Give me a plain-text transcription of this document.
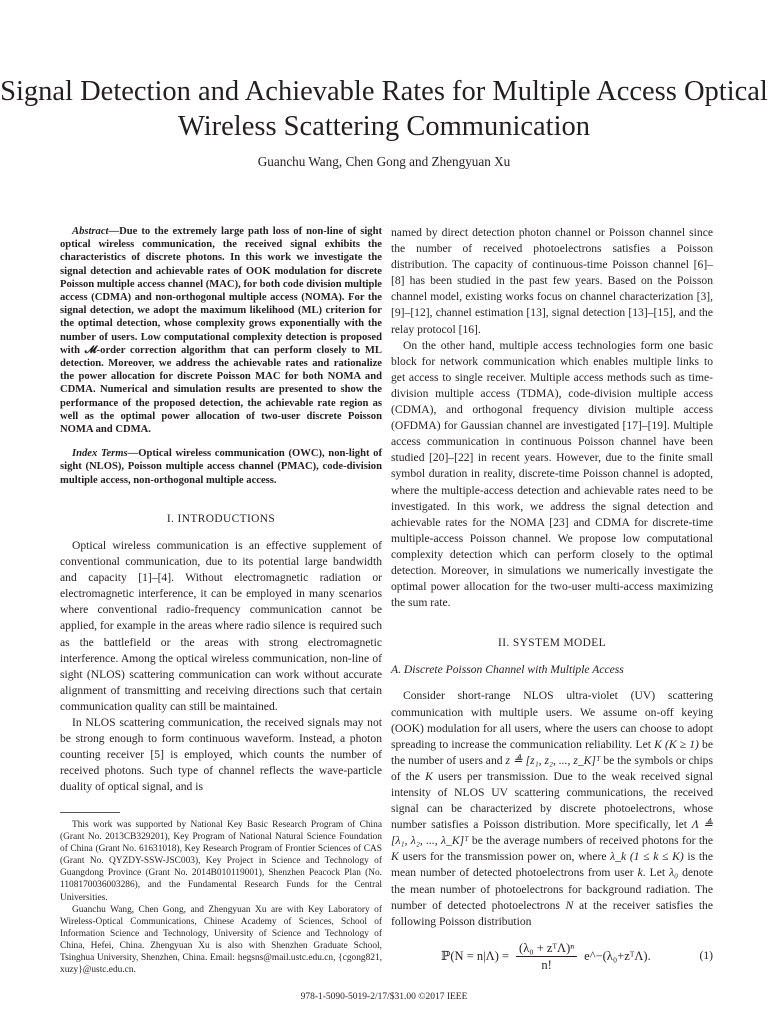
Signal Detection and Achievable Rates for Multiple Access Optical Wireless Scattering Communication
Guanchu Wang, Chen Gong and Zhengyuan Xu

Abstract—Due to the extremely large path loss of non-line of sight optical wireless communication, the received signal exhibits the characteristics of discrete photons. In this work we investigate the signal detection and achievable rates of OOK modulation for discrete Poisson multiple access channel (MAC), for both code division multiple access (CDMA) and non-orthogonal multiple access (NOMA). For the signal detection, we adopt the maximum likelihood (ML) criterion for the optimal detection, whose complexity grows exponentially with the number of users. Low computational complexity detection is proposed with 𝓜-order correction algorithm that can perform closely to ML detection. Moreover, we address the achievable rates and rationalize the power allocation for discrete Poisson MAC for both NOMA and CDMA. Numerical and simulation results are presented to show the performance of the proposed detection, the achievable rate region as well as the optimal power allocation of two-user discrete Poisson NOMA and CDMA.

Index Terms—Optical wireless communication (OWC), non-light of sight (NLOS), Poisson multiple access channel (PMAC), code-division multiple access, non-orthogonal multiple access.

I. INTRODUCTIONS

Optical wireless communication is an effective supplement of conventional communication, due to its potential large bandwidth and capacity [1]–[4]. Without electromagnetic radiation or electromagnetic interference, it can be employed in many scenarios where conventional radio-frequency communication cannot be applied, for example in the areas where radio silence is required such as the battlefield or the areas with strong electromagnetic interference. Among the optical wireless communication, non-line of sight (NLOS) scattering communication can work without accurate alignment of transmitting and receiving directions such that certain communication quality can still be maintained.

In NLOS scattering communication, the received signals may not be strong enough to form continuous waveform. Instead, a photon counting receiver [5] is employed, which counts the number of received photons. Such type of channel reflects the wave-particle duality of optical signal, and is

This work was supported by National Key Basic Research Program of China (Grant No. 2013CB329201), Key Program of National Natural Science Foundation of China (Grant No. 61631018), Key Research Program of Frontier Sciences of CAS (Grant No. QYZDY-SSW-JSC003), Key Project in Science and Technology of Guangdong Province (Grant No. 2014B010119001), Shenzhen Peacock Plan (No. 1108170036003286), and the Fundamental Research Funds for the Central Universities.

Guanchu Wang, Chen Gong, and Zhengyuan Xu are with Key Laboratory of Wireless-Optical Communications, Chinese Academy of Sciences, School of Information Science and Technology, University of Science and Technology of China, Hefei, China. Zhengyuan Xu is also with Shenzhen Graduate School, Tsinghua University, Shenzhen, China. Email: hegsns@mail.ustc.edu.cn, {cgong821, xuzy}@ustc.edu.cn.

named by direct detection photon channel or Poisson channel since the number of received photoelectrons satisfies a Poisson distribution. The capacity of continuous-time Poisson channel [6]–[8] has been studied in the past few years. Based on the Poisson channel model, existing works focus on channel characterization [3], [9]–[12], channel estimation [13], signal detection [13]–[15], and the relay protocol [16].

On the other hand, multiple access technologies form one basic block for network communication which enables multiple links to get access to single receiver. Multiple access methods such as time-division multiple access (TDMA), code-division multiple access (CDMA), and orthogonal frequency division multiple access (OFDMA) for Gaussian channel are investigated [17]–[19]. Multiple access communication in continuous Poisson channel have been studied [20]–[22] in recent years. However, due to the finite small symbol duration in reality, discrete-time Poisson channel is adopted, where the multiple-access detection and achievable rates need to be investigated. In this work, we address the signal detection and achievable rates for the NOMA [23] and CDMA for discrete-time multiple-access Poisson channel. We propose low computational complexity detection which can perform closely to the optimal detection. Moreover, in simulations we numerically investigate the optimal power allocation for the two-user multi-access maximizing the sum rate.

II. SYSTEM MODEL
A. Discrete Poisson Channel with Multiple Access

Consider short-range NLOS ultra-violet (UV) scattering communication with multiple users. We assume on-off keying (OOK) modulation for all users, where the users can choose to adopt spreading to increase the communication reliability. Let K (K ≥ 1) be the number of users and z ≜ [z₁, z₂, ..., z_K]ᵀ be the symbols or chips of the K users per transmission. Due to the weak received signal intensity of NLOS UV scattering communications, the received signal can be characterized by discrete photoelectrons, whose number satisfies a Poisson distribution. More specifically, let Λ ≜ [λ₁, λ₂, ..., λ_K]ᵀ be the average numbers of received photons for the K users for the transmission power on, where λ_k (1 ≤ k ≤ K) is the mean number of detected photoelectrons from user k. Let λ₀ denote the mean number of photoelectrons for background radiation. The number of detected photoelectrons N at the receiver satisfies the following Poisson distribution

ℙ(N = $n|\Lambda) = \frac{\text{(λ₀ + zᵀΛ)ⁿ}}{n!}$ e^−(λ₀+zᵀΛ).	(1)
978-1-5090-5019-2/17/$31.00 ©2017 IEEE
